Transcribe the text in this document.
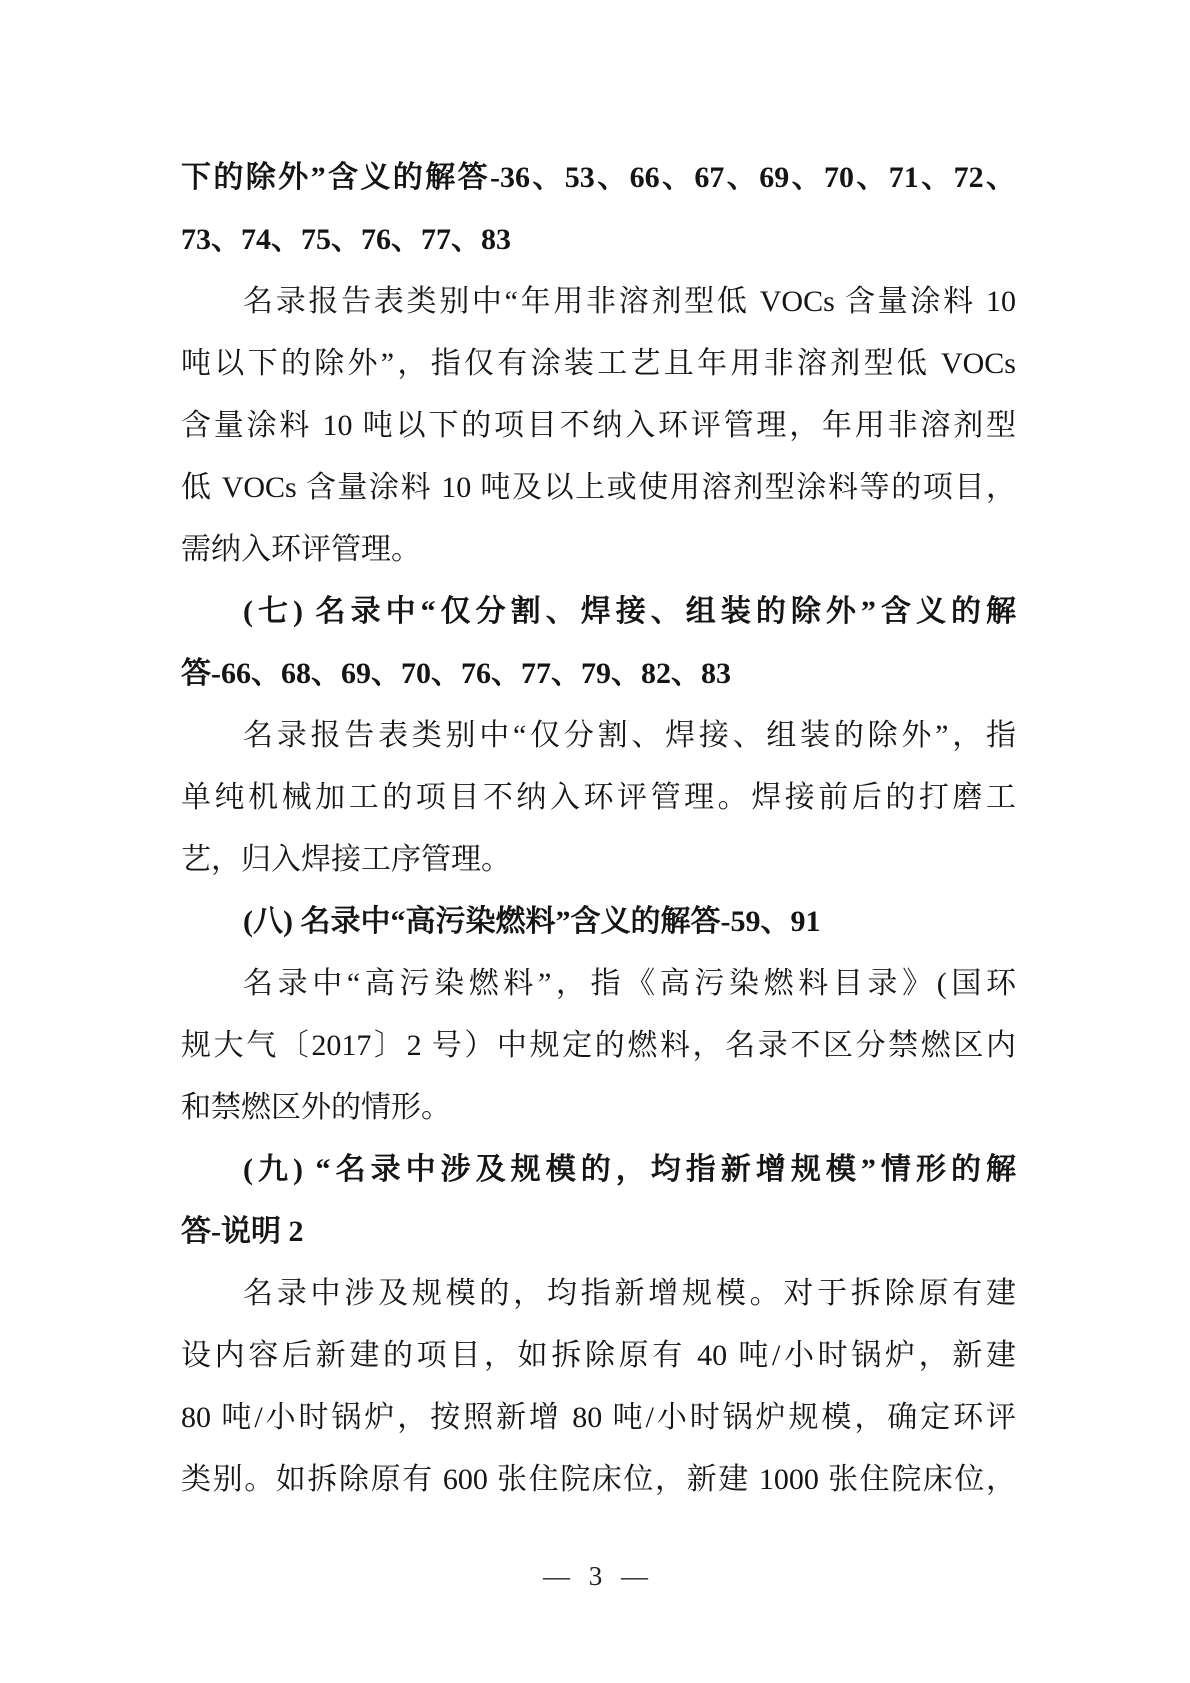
下的除外”含义的解答-36、53、66、67、69、70、71、72、
73、74、75、76、77、83
名录报告表类别中“年用非溶剂型低 VOCs 含量涂料 10
吨以下的除外”，指仅有涂装工艺且年用非溶剂型低 VOCs
含量涂料 10 吨以下的项目不纳入环评管理，年用非溶剂型
低 VOCs 含量涂料 10 吨及以上或使用溶剂型涂料等的项目，
需纳入环评管理。
(七) 名录中“仅分割、焊接、组装的除外”含义的解
答-66、68、69、70、76、77、79、82、83
名录报告表类别中“仅分割、焊接、组装的除外”，指
单纯机械加工的项目不纳入环评管理。焊接前后的打磨工
艺，归入焊接工序管理。
(八) 名录中“高污染燃料”含义的解答-59、91
名录中“高污染燃料”，指《高污染燃料目录》(国环
规大气〔2017〕2 号）中规定的燃料，名录不区分禁燃区内
和禁燃区外的情形。
(九) “名录中涉及规模的，均指新增规模”情形的解
答-说明 2
名录中涉及规模的，均指新增规模。对于拆除原有建
设内容后新建的项目，如拆除原有 40 吨/小时锅炉，新建
80 吨/小时锅炉，按照新增 80 吨/小时锅炉规模，确定环评
类别。如拆除原有 600 张住院床位，新建 1000 张住院床位，
— 3 —
